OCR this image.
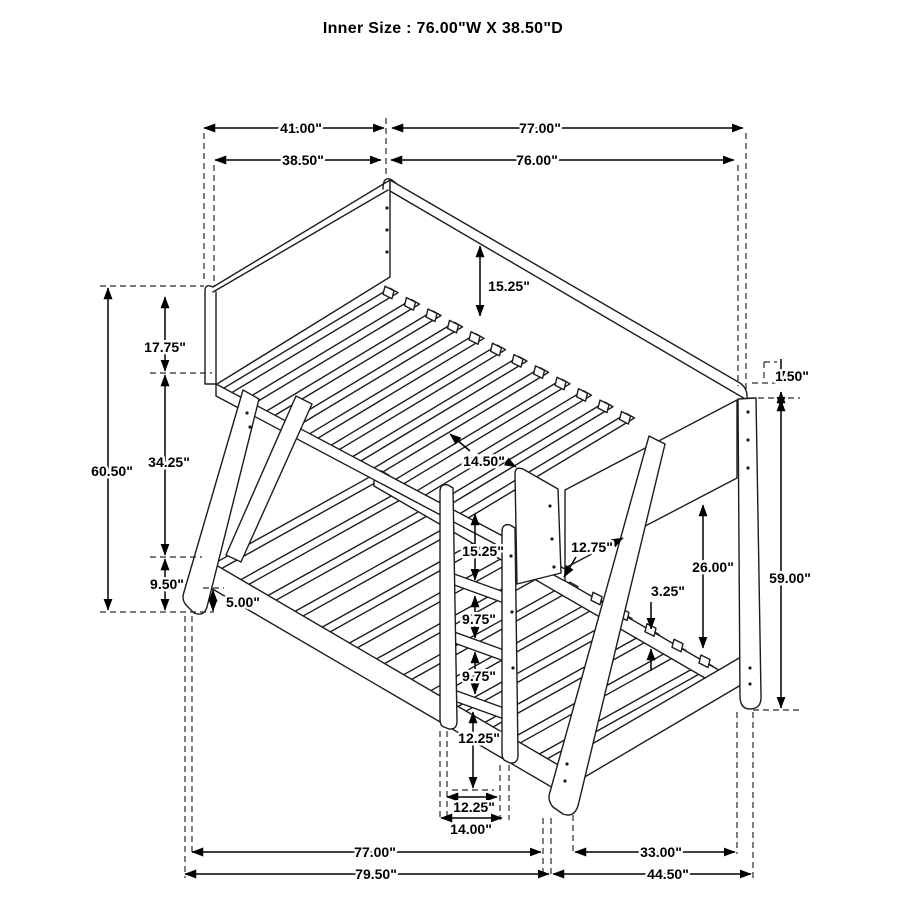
Inner Size : 76.00"W X 38.50"D
41.00"	77.00"
38.50"	76.00"
60.50"
17.75"
34.25"
9.50"
5.00"
15.25"
14.50"
1.50"
59.00"
26.00"
12.75"
3.25"
15.25"
9.75"
9.75"
12.25"
12.25"
14.00"
77.00"
79.50"
33.00"
44.50"
